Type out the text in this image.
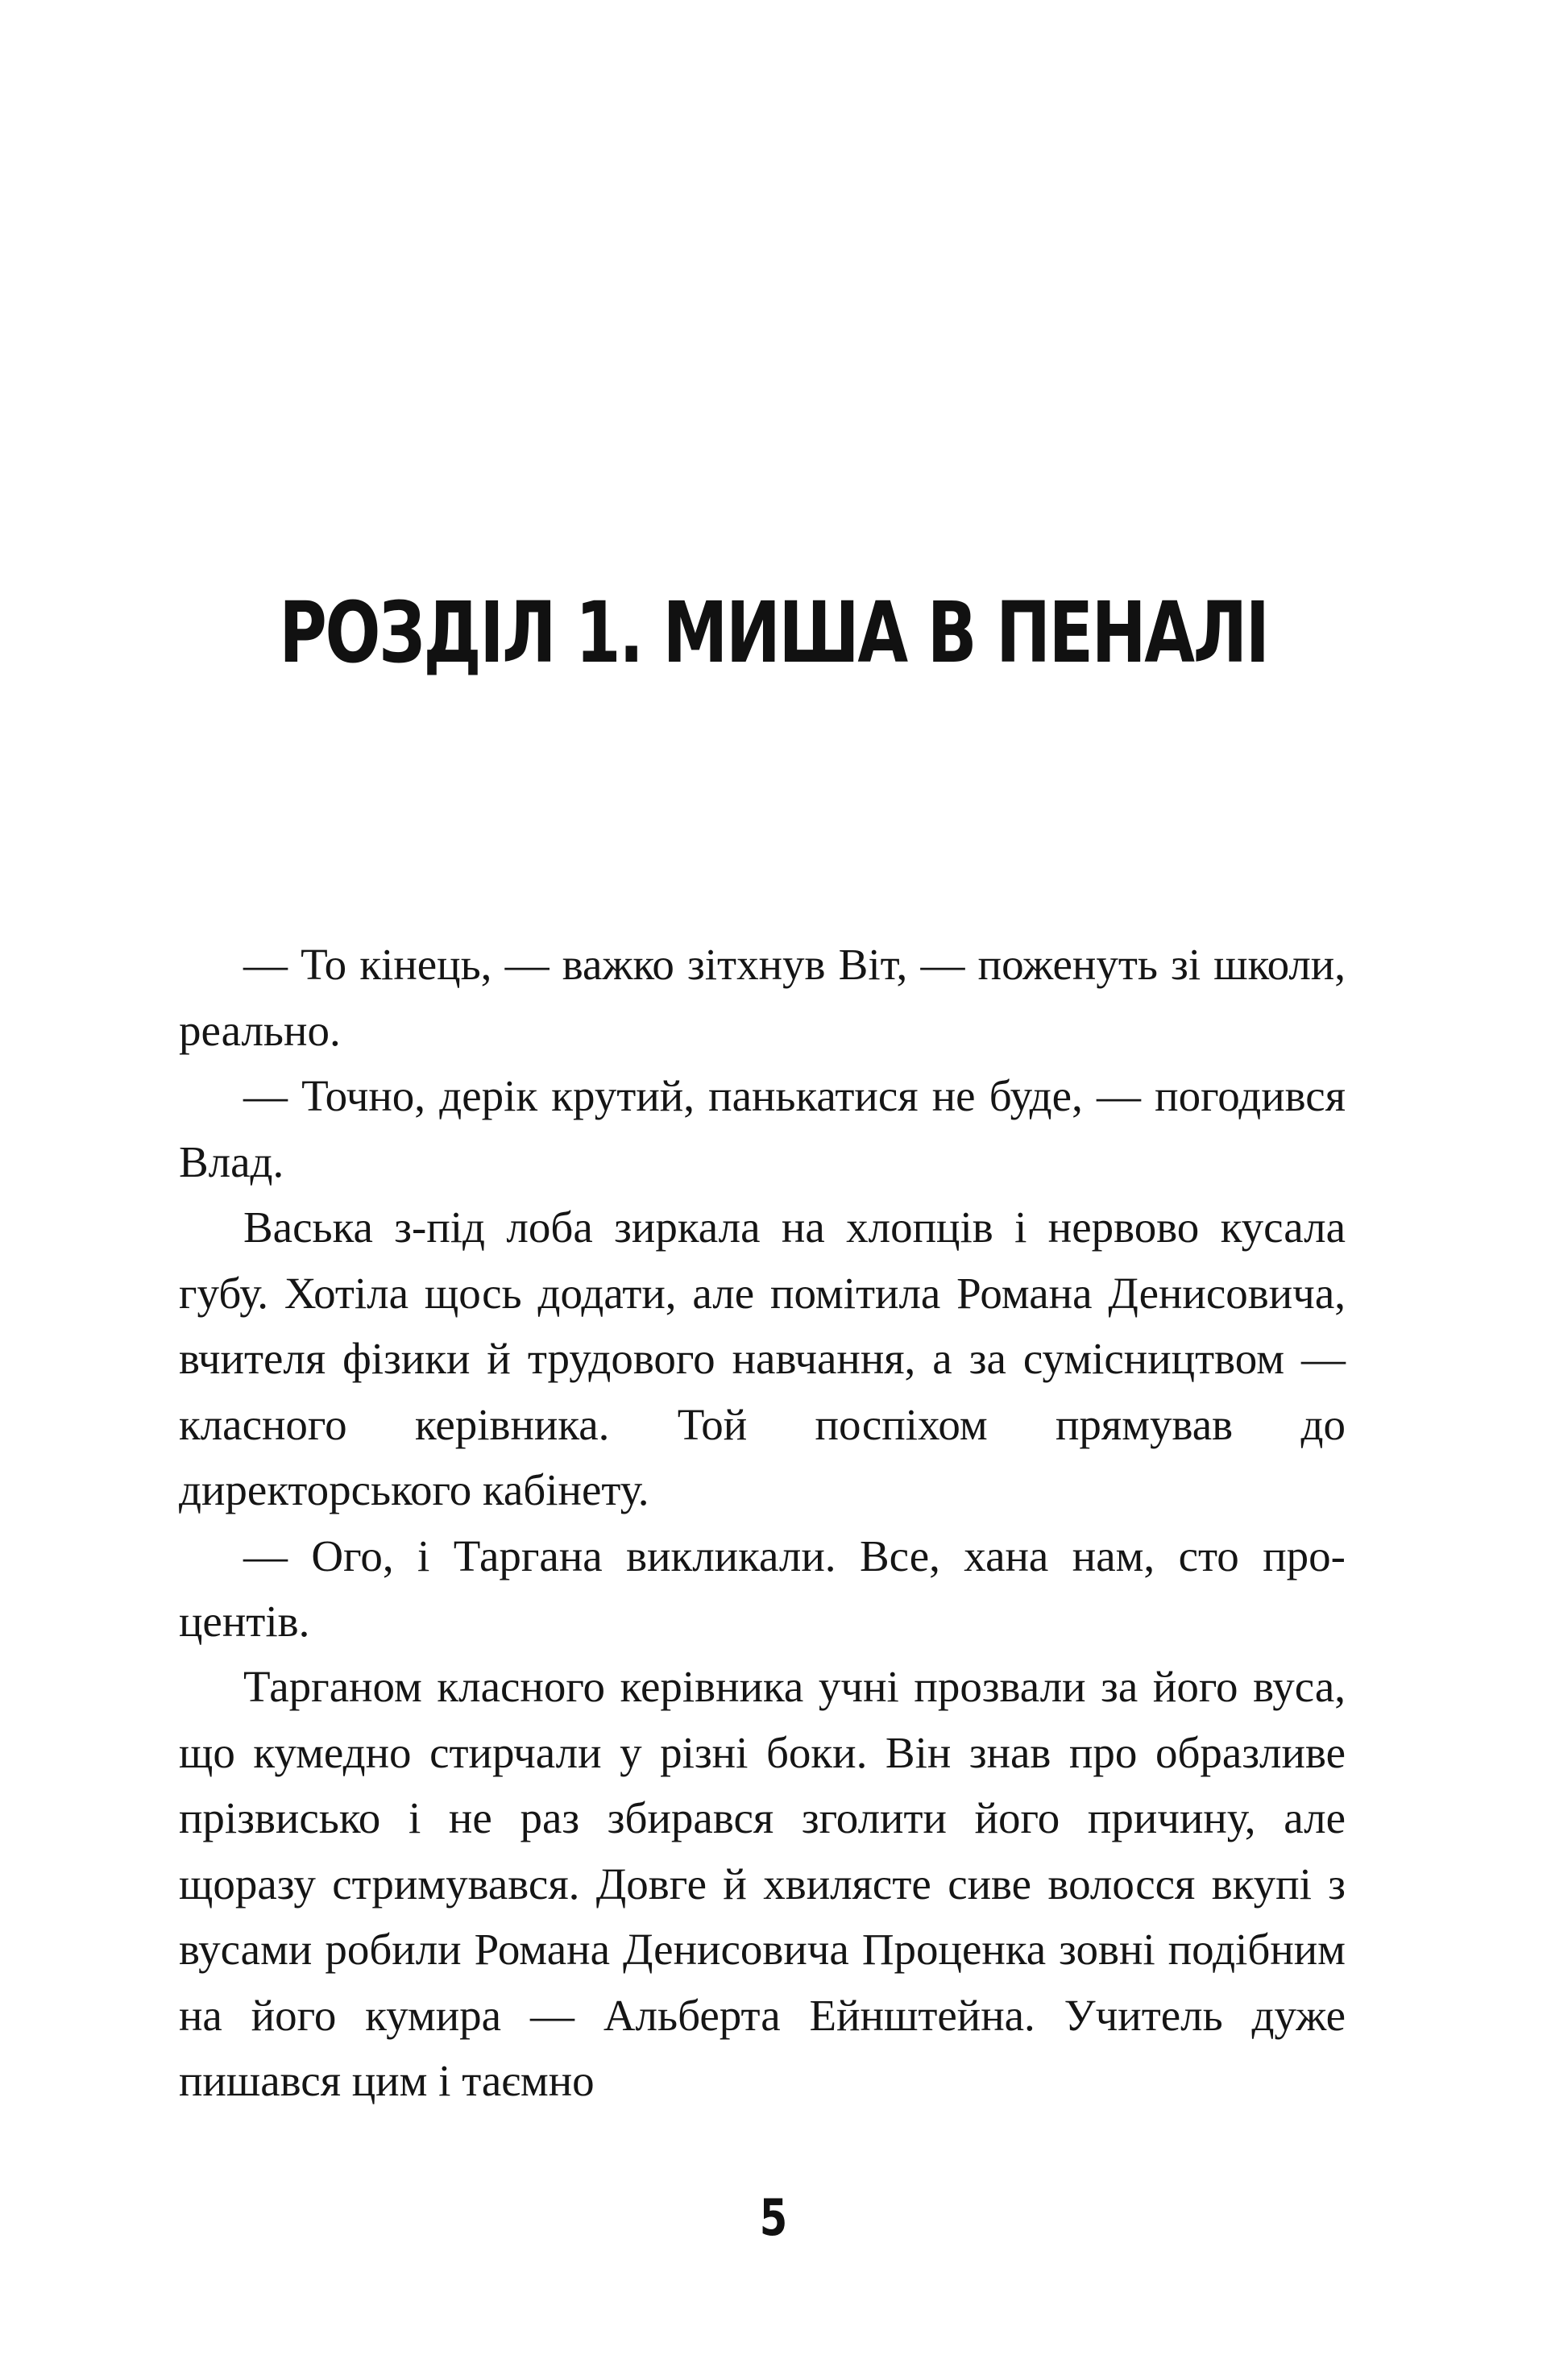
РОЗДІЛ 1. МИША В ПЕНАЛІ

— То кінець, — важко зітхнув Віт, — поженуть зі школи, реально.

— Точно, дерік крутий, панькатися не буде, — погодився Влад.

Васька з-під лоба зиркала на хлопців і нервово кусала губу. Хотіла щось додати, але помітила Романа Денисовича, вчителя фізики й трудового навчання, а за сумісництвом — класного керівника. Той поспіхом прямував до директорського кабінету.

— Ого, і Таргана викликали. Все, хана нам, сто процентів.

Тарганом класного керівника учні прозвали за його вуса, що кумедно стирчали у різні боки. Він знав про образливе прізвисько і не раз збирався зголити його причину, але щоразу стримувався. Довге й хвилясте сиве волосся вкупі з вусами робили Романа Денисовича Проценка зовні подібним на його кумира — Альберта Ейнштейна. Учитель дуже пишався цим і таємно

5
